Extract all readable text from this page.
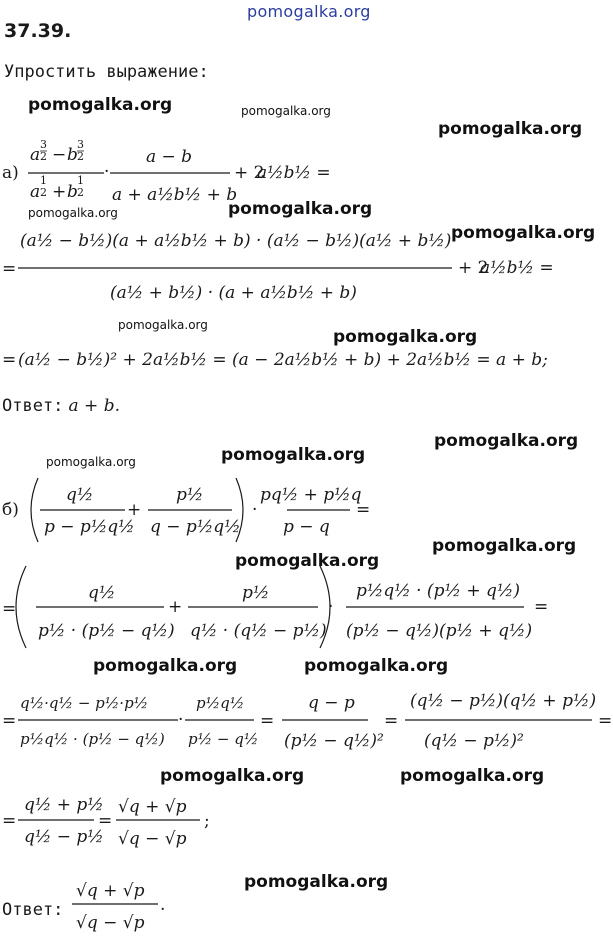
pomogalka.org
pomogalka.org	pomogalka.org
pomogalka.org
pomogalka.org	pomogalka.org
pomogalka.org
pomogalka.org
pomogalka.org
pomogalka.org
pomogalka.org	pomogalka.org
pomogalka.org
pomogalka.org
pomogalka.org	pomogalka.org
pomogalka.org	pomogalka.org
pomogalka.org
37.39.
Упростить выражение:
а)
б)
Ответ: a + b.
Ответ:
a
3
2 − b
3
2
a
1
2 + b
1
2
·
a − b
a + a½b½ + b
+ 2
a½b½ =
(a½ − b½)(a + a½b½ + b) · (a½ − b½)(a½ + b½)
=
(a½ + b½) · (a + a½b½ + b)
+ 2
a½b½ =
= (a½ − b½)² + 2a½b½ = (a − 2a½b½ + b) + 2a½b½ = a + b;
q½
p − p½q½
+
p½
q − p½q½
·
pq½ + p½q
p − q
=
=
q½
p½ · (p½ − q½)
+
p½
q½ · (q½ − p½)
·
p½q½ · (p½ + q½)
(p½ − q½)(p½ + q½)
=
=
q½·q½ − p½·p½
p½q½ · (p½ − q½)
·
p½q½
p½ − q½
=
q − p
(p½ − q½)²
=
(q½ − p½)(q½ + p½)
(q½ − p½)²
=
=
q½ + p½
q½ − p½
=
√q + √p
√q − √p
;
√q + √p
√q − √p
.
